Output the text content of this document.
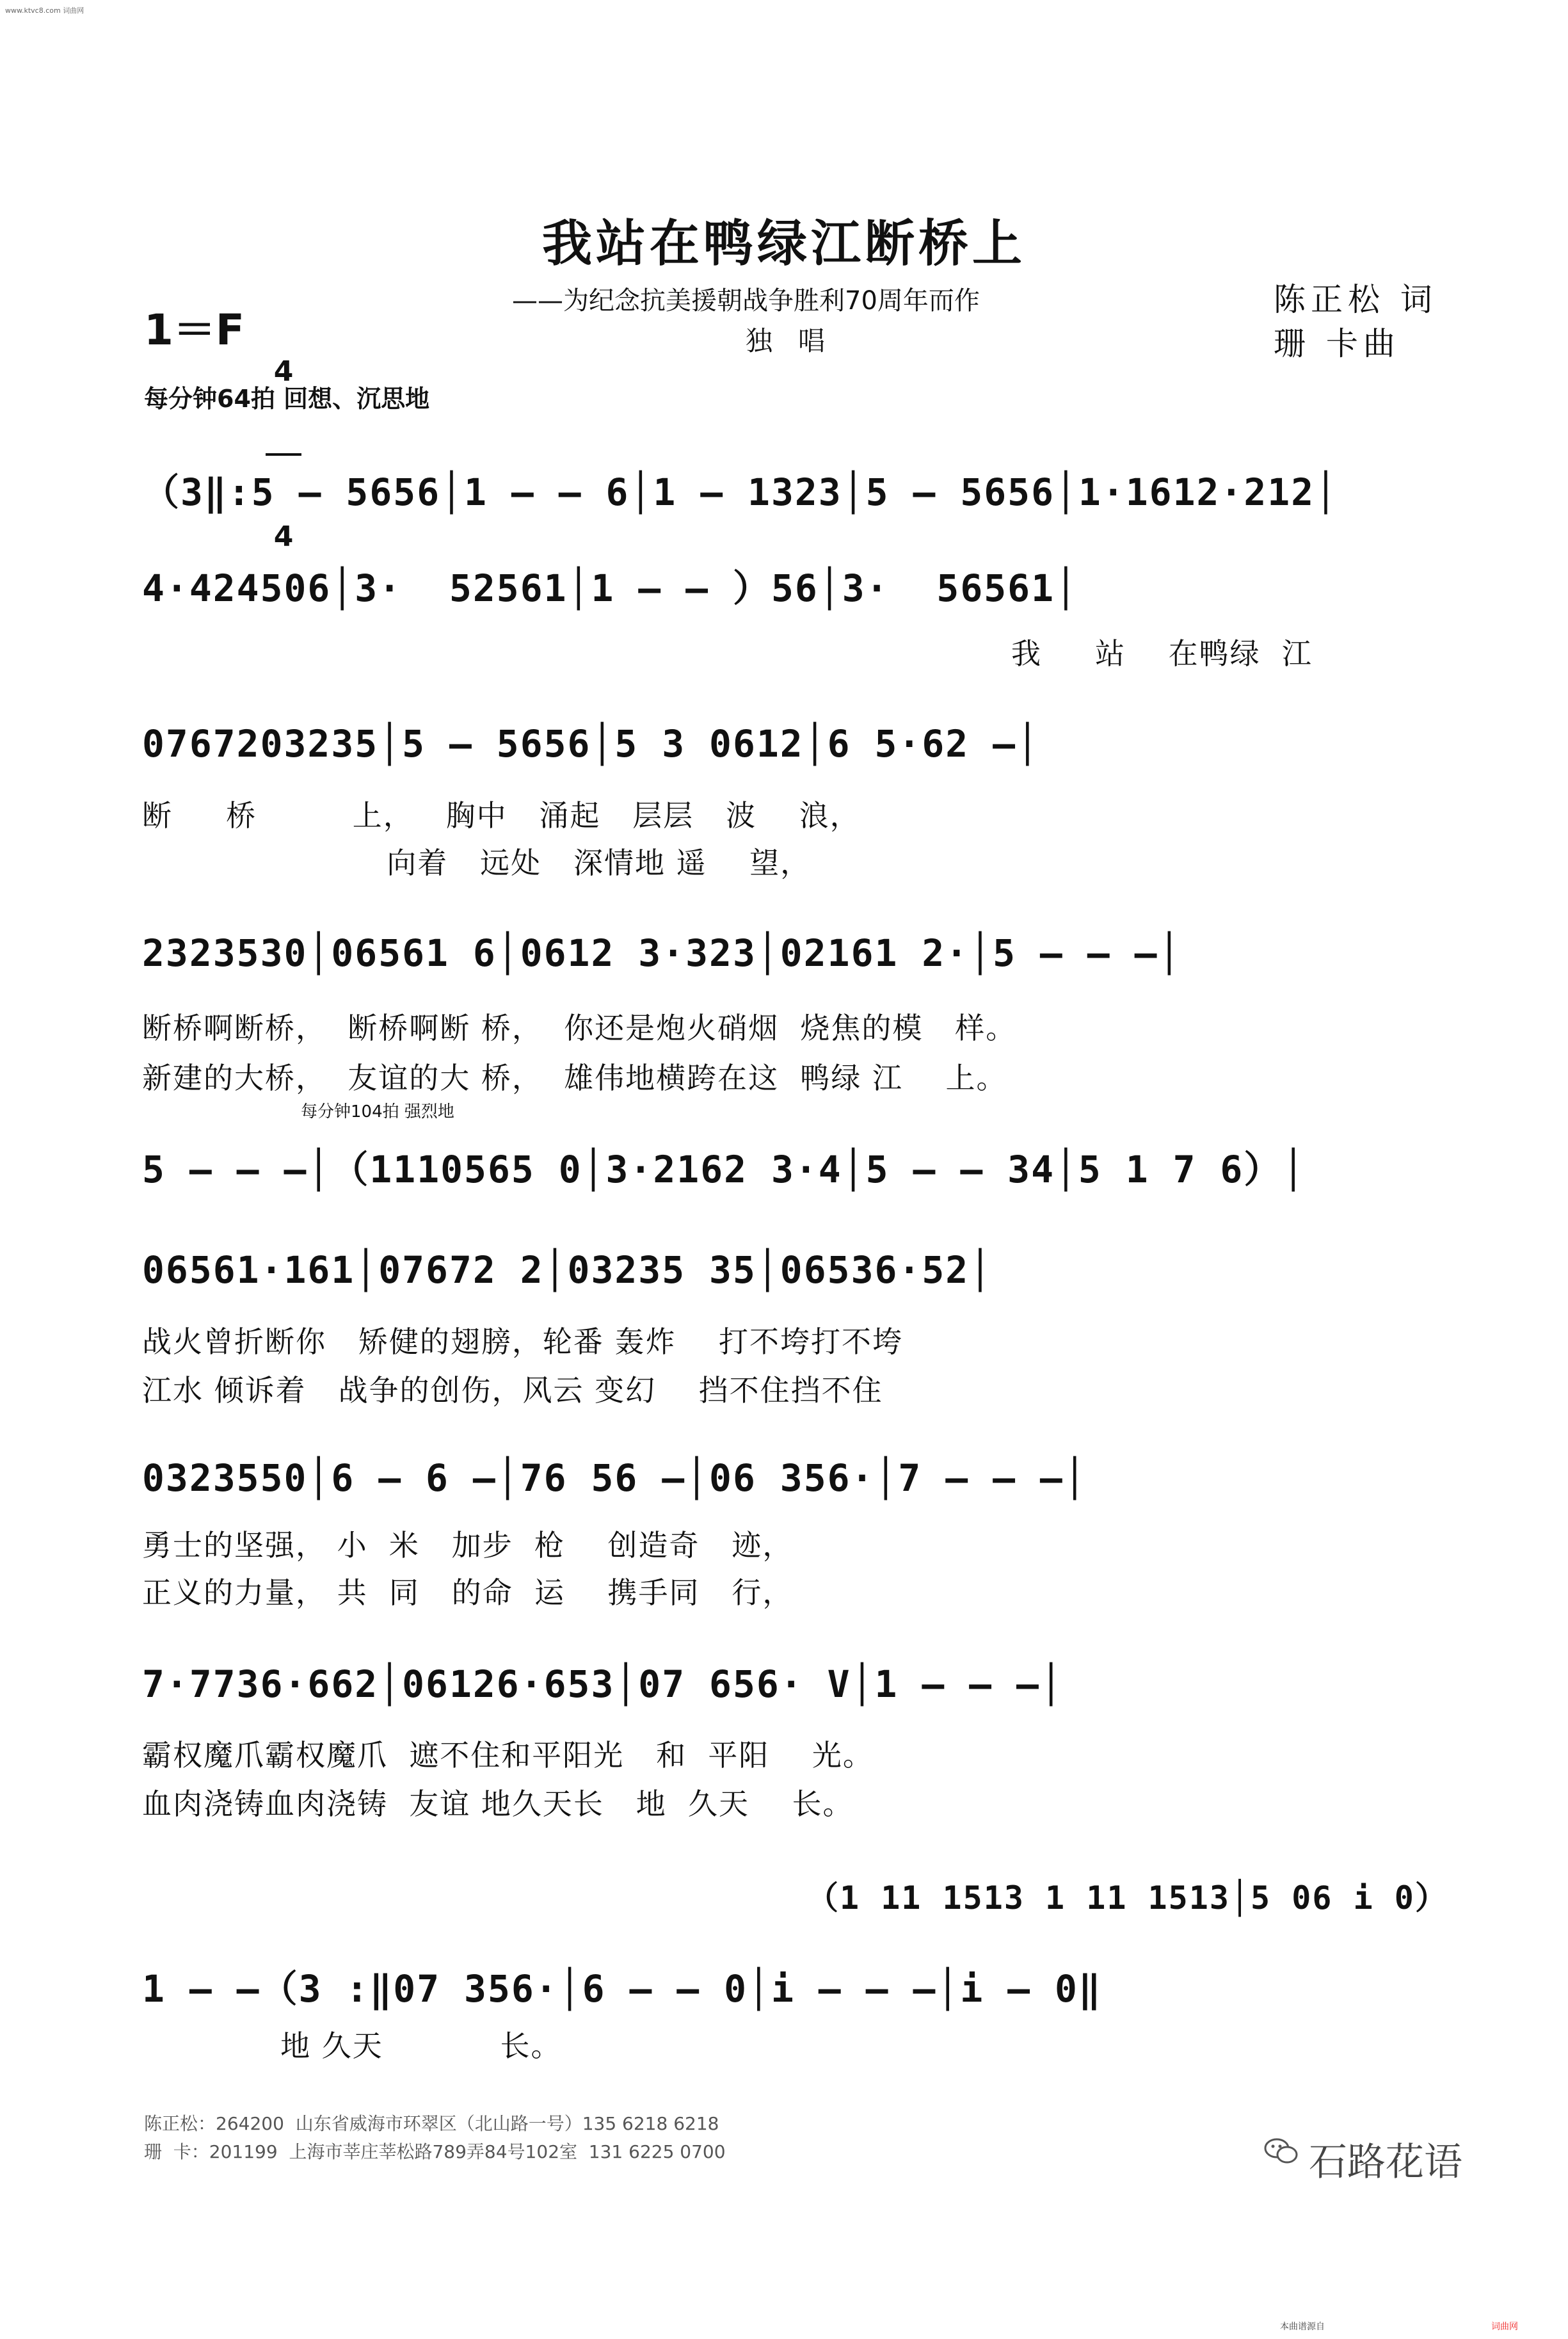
www.ktvc8.com 词曲网
我站在鸭绿江断桥上
——为纪念抗美援朝战争胜利70周年而作
独唱
陈正松 词
珊 卡曲
1＝F

4

4

每分钟64拍 回想、沉思地
（3‖:5 – 5656│1 – – 6│1 – 1323│5 – 5656│1·1612·212│
4·424506│3·  52561│1 – – ）56│3·  56561│
我     站    在鸭绿  江
0767203235│5 – 5656│5 3 0612│6 5·62 –│
断     桥         上，   胸中   涌起   层层   波    浪，
向着   远处   深情地 遥    望，
2323530│06561 6│0612 3·323│02161 2·│5 – – –│
断桥啊断桥，  断桥啊断 桥，  你还是炮火硝烟  烧焦的模   样。
新建的大桥，  友谊的大 桥，  雄伟地横跨在这  鸭绿 江    上。
每分钟104拍 强烈地
5 – – –│（1110565 0│3·2162 3·4│5 – – 34│5 1 7 6）│
06561·161│07672 2│03235 35│06536·52│
战火曾折断你   矫健的翅膀，轮番 轰炸    打不垮打不垮
江水 倾诉着   战争的创伤，风云 变幻    挡不住挡不住
0323550│6 – 6 –│76 56 –│06 356·│7 – – –│
勇士的坚强， 小  米   加步  枪    创造奇   迹，
正义的力量， 共  同   的命  运    携手同   行，
7·7736·662│06126·653│07 656· V│1 – – –│
霸权魔爪霸权魔爪  遮不住和平阳光   和  平阳    光。
血肉浇铸血肉浇铸  友谊 地久天长   地  久天    长。
（1 11 1513 1 11 1513│5 06 i 0）
1 – –（3 :‖07 356·│6 – – 0│i – – –│i – 0‖
地 久天           长。
陈正松：264200  山东省威海市环翠区（北山路一号）135 6218 6218
珊  卡：201199  上海市莘庄莘松路789弄84号102室  131 6225 0700	石路花语
本曲谱源自	词曲网
